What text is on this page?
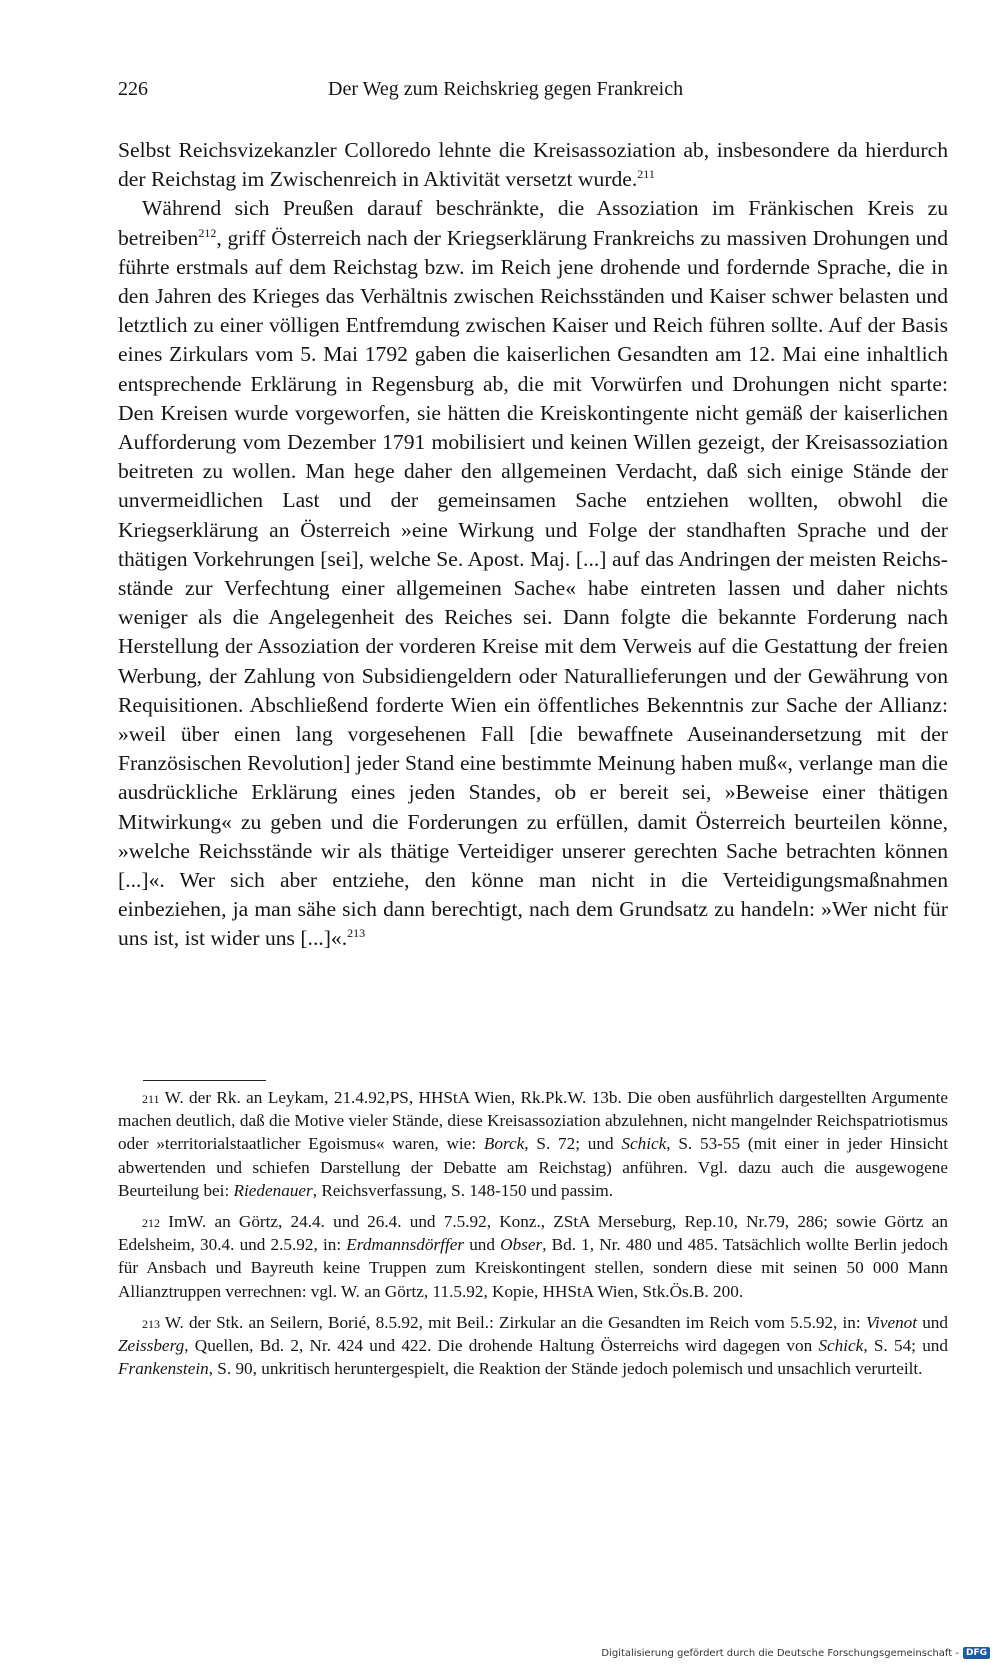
226	Der Weg zum Reichskrieg gegen Frankreich

Selbst Reichsvizekanzler Colloredo lehnte die Kreisassoziation ab, insbesondere da hierdurch der Reichstag im Zwischenreich in Aktivität versetzt wurde.$^{211}$

Während sich Preußen darauf beschränkte, die Assoziation im Fränkischen Kreis zu betreiben$^{212}$, griff Österreich nach der Kriegserklärung Frankreichs zu massiven Drohungen und führte erstmals auf dem Reichstag bzw. im Reich jene drohende und fordernde Sprache, die in den Jahren des Krieges das Verhältnis zwischen Reichsständen und Kaiser schwer belasten und letztlich zu einer völligen Entfremdung zwischen Kaiser und Reich führen sollte. Auf der Basis eines Zirkulars vom 5. Mai 1792 gaben die kaiserlichen Gesandten am 12. Mai eine inhaltlich entsprechende Erklärung in Regensburg ab, die mit Vorwürfen und Drohungen nicht sparte: Den Kreisen wurde vorgeworfen, sie hätten die Kreiskontingente nicht gemäß der kaiserlichen Aufforderung vom Dezember 1791 mobilisiert und keinen Willen gezeigt, der Kreisassoziation beitreten zu wollen. Man hege daher den allgemeinen Verdacht, daß sich einige Stände der unvermeidlichen Last und der gemeinsamen Sache entziehen wollten, obwohl die Kriegserklärung an Österreich »eine Wirkung und Folge der standhaften Sprache und der thätigen Vorkehrungen [sei], welche Se. Apost. Maj. [...] auf das Andringen der meisten Reichsstände zur Verfechtung einer allgemeinen Sache« habe eintreten lassen und daher nichts weniger als die Angelegenheit des Reiches sei. Dann folgte die bekannte Forderung nach Herstellung der Assoziation der vorderen Kreise mit dem Verweis auf die Gestattung der freien Werbung, der Zahlung von Subsidiengeldern oder Naturallieferungen und der Gewährung von Requisitionen. Abschließend forderte Wien ein öffentliches Bekenntnis zur Sache der Allianz: »weil über einen lang vorgesehenen Fall [die bewaffnete Auseinandersetzung mit der Französischen Revolution] jeder Stand eine bestimmte Meinung haben muß«, verlange man die ausdrückliche Erklärung eines jeden Standes, ob er bereit sei, »Beweise einer thätigen Mitwirkung« zu geben und die Forderungen zu erfüllen, damit Österreich beurteilen könne, »welche Reichsstände wir als thätige Verteidiger unserer gerechten Sache betrachten können [...]«. Wer sich aber entziehe, den könne man nicht in die Verteidigungsmaßnahmen einbeziehen, ja man sähe sich dann berechtigt, nach dem Grundsatz zu handeln: »Wer nicht für uns ist, ist wider uns [...]«.$^{213}$

211 W. der Rk. an Leykam, 21.4.92,PS, HHStA Wien, Rk.Pk.W. 13b. Die oben ausführlich dargestellten Argumente machen deutlich, daß die Motive vieler Stände, diese Kreisassoziation abzulehnen, nicht mangelnder Reichspatriotismus oder »territorialstaatlicher Egoismus« waren, wie: Borck, S. 72; und Schick, S. 53-55 (mit einer in jeder Hinsicht abwertenden und schiefen Darstellung der Debatte am Reichstag) anführen. Vgl. dazu auch die ausgewogene Beurteilung bei: Riedenauer, Reichsverfassung, S. 148-150 und passim.

212 ImW. an Görtz, 24.4. und 26.4. und 7.5.92, Konz., ZStA Merseburg, Rep.10, Nr.79, 286; sowie Görtz an Edelsheim, 30.4. und 2.5.92, in: Erdmannsdörffer und Obser, Bd. 1, Nr. 480 und 485. Tatsächlich wollte Berlin jedoch für Ansbach und Bayreuth keine Truppen zum Kreiskontingent stellen, sondern diese mit seinen 50 000 Mann Allianztruppen verrechnen: vgl. W. an Görtz, 11.5.92, Kopie, HHStA Wien, Stk.Ös.B. 200.

213 W. der Stk. an Seilern, Borié, 8.5.92, mit Beil.: Zirkular an die Gesandten im Reich vom 5.5.92, in: Vivenot und Zeissberg, Quellen, Bd. 2, Nr. 424 und 422. Die drohende Haltung Österreichs wird dagegen von Schick, S. 54; und Frankenstein, S. 90, unkritisch heruntergespielt, die Reaktion der Stände jedoch polemisch und unsachlich verurteilt.

Digitalisierung gefördert durch die Deutsche Forschungsgemeinschaft - DFG
